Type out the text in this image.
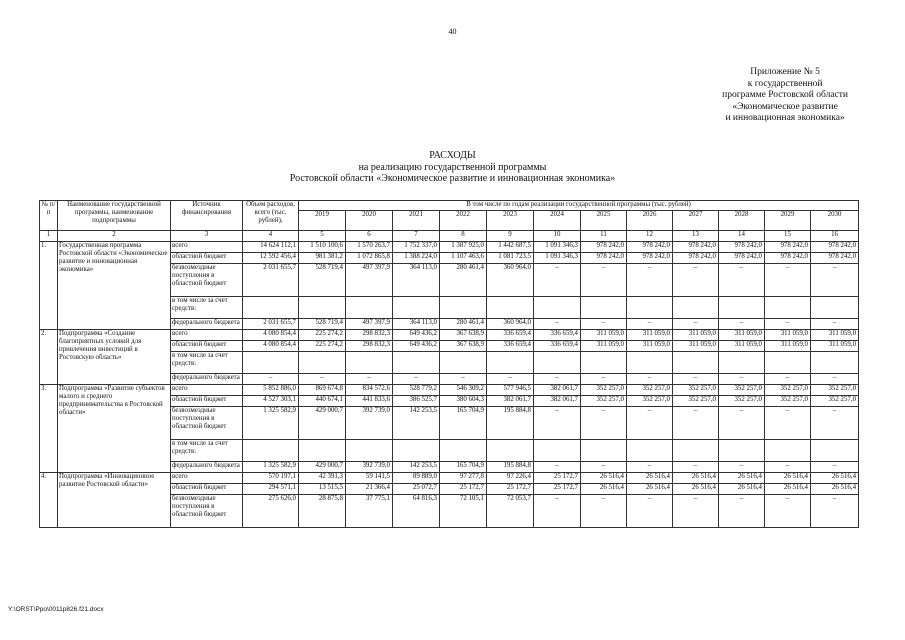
40
Приложение № 5
к государственной
программе Ростовской области
«Экономическое развитие
и инновационная экономика»
РАСХОДЫ
на реализацию государственной программы
Ростовской области «Экономическое развитие и инновационная экономика»
№ п/п	Наименование государственной программы, наименование подпрограммы	Источник финансирования	Объем расходов, всего (тыс. рублей),	В том числе по годам реализации государственной программы (тыс. рублей)											
				2019	2020	2021	2022	2023	2024	2025	2026	2027	2028	2029	2030
1	2	3	4	5	6	7	8	9	10	11	12	13	14	15	16
1.	Государственная программа Ростовской области «Экономическое развитие и инновационная экономика»	всего	14 624 112,1	1 510 100,6	1 570 263,7	1 752 337,0	1 387 925,0	1 442 687,5	1 091 346,3	978 242,0	978 242,0	978 242,0	978 242,0	978 242,0	978 242,0
		областной бюджет	12 592 456,4	981 381,2	1 072 865,8	1 388 224,0	1 107 463,6	1 081 723,5	1 091 346,3	978 242,0	978 242,0	978 242,0	978 242,0	978 242,0	978 242,0
		безвозмездные поступления в областной бюджет	2 031 655,7	528 719,4	497 397,9	364 113,0	280 461,4	360 964,0	–	–	–	–	–	–	–
		в том числе за счет средств:													
		федерального бюджета	2 031 655,7	528 719,4	497 397,9	364 113,0	280 461,4	360 964,0	–	–	–	–	–	–	–
2.	Подпрограмма «Создание благоприятных условий для привлечения инвестиций в Ростовскую область»	всего	4 080 854,4	225 274,2	298 832,3	649 436,2	367 638,9	336 659,4	336 659,4	311 059,0	311 059,0	311 059,0	311 059,0	311 059,0	311 059,0
		областной бюджет	4 080 854,4	225 274,2	298 832,3	649 436,2	367 638,9	336 659,4	336 659,4	311 059,0	311 059,0	311 059,0	311 059,0	311 059,0	311 059,0
		в том числе за счет средств:													
		федерального бюджета	–	–	–	–	–	–	–	–	–	–	–	–	–
3.	Подпрограмма «Развитие субъектов малого и среднего предпринимательства в Ростовской области»	всего	5 852 886,0	869 674,8	834 572,6	528 779,2	546 309,2	577 946,5	382 061,7	352 257,0	352 257,0	352 257,0	352 257,0	352 257,0	352 257,0
		областной бюджет	4 527 303,1	440 674,1	441 833,6	386 525,7	380 604,3	382 061,7	382 061,7	352 257,0	352 257,0	352 257,0	352 257,0	352 257,0	352 257,0
		безвозмездные поступления в областной бюджет	1 325 582,9	429 000,7	392 739,0	142 253,5	165 704,9	195 884,8	–	–	–	–	–	–	–
		в том числе за счет средств:													
		федерального бюджета	1 325 582,9	429 000,7	392 739,0	142 253,5	165 704,9	195 884,8	–	–	–	–	–	–	–
4.	Подпрограмма «Инновационное развитие Ростовской области»	всего	570 197,1	42 391,3	59 141,5	89 889,0	97 277,8	97 226,4	25 172,7	26 516,4	26 516,4	26 516,4	26 516,4	26 516,4	26 516,4
		областной бюджет	294 571,1	13 515,5	21 366,4	25 072,7	25 172,7	25 172,7	25 172,7	26 516,4	26 516,4	26 516,4	26 516,4	26 516,4	26 516,4
		безвозмездные поступления в областной бюджет	275 626,0	28 875,8	37 775,1	64 816,3	72 105,1	72 053,7	–	–	–	–	–	–	–
Y:\ORST\Ppo\0011p826.f21.docx
